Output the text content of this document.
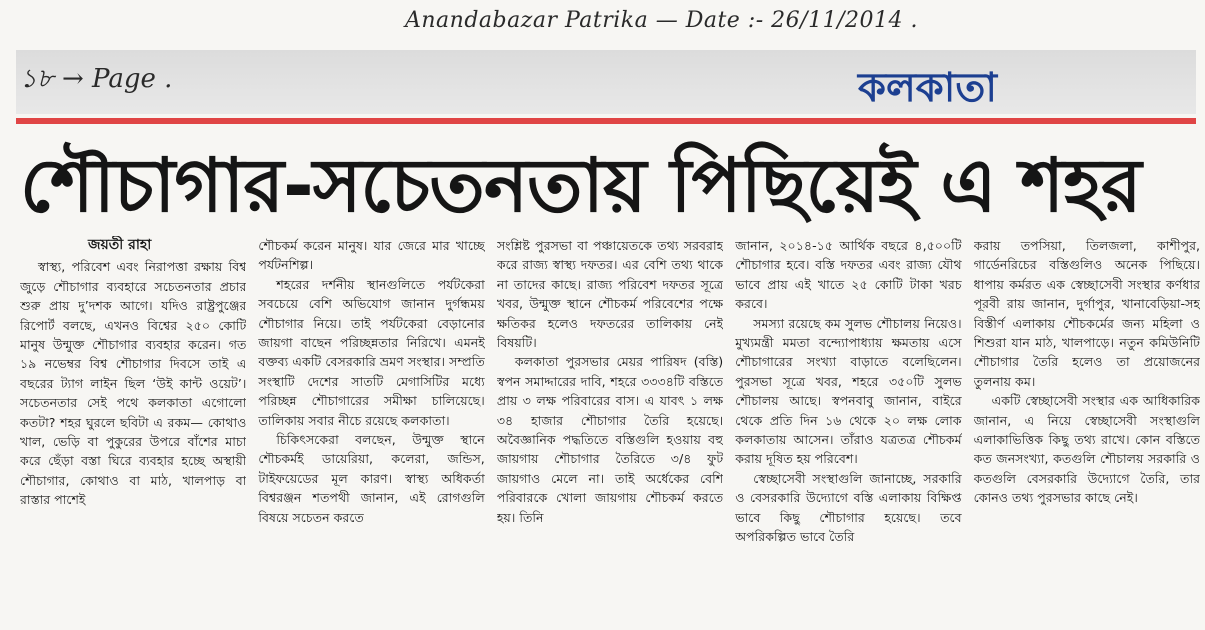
Anandabazar Patrika — Date :- 26/11/2014 .
১৮ → Page .	কলকাতা
শৌচাগার-সচেতনতায় পিছিয়েই এ শহর
জয়তী রাহা

স্বাস্থ্য, পরিবেশ এবং নিরাপত্তা রক্ষায় বিশ্ব জুড়ে শৌচাগার ব্যবহারে সচেতনতার প্রচার শুরু প্রায় দু’দশক আগে। যদিও রাষ্ট্রপুঞ্জের রিপোর্ট বলছে, এখনও বিশ্বের ২৫০ কোটি মানুষ উন্মুক্ত শৌচাগার ব্যবহার করেন। গত ১৯ নভেম্বর বিশ্ব শৌচাগার দিবসে তাই এ বছরের ট্যাগ লাইন ছিল ‘উই কান্ট ওয়েট’। সচেতনতার সেই পথে কলকাতা এগোলো কতটা? শহর ঘুরলে ছবিটা এ রকম— কোথাও খাল, ভেড়ি বা পুকুরের উপরে বাঁশের মাচা করে ছেঁড়া বস্তা ঘিরে ব্যবহার হচ্ছে অস্থায়ী শৌচাগার, কোথাও বা মাঠ, খালপাড় বা রাস্তার পাশেই

শৌচকর্ম করেন মানুষ। যার জেরে মার খাচ্ছে পর্যটনশিল্প।

শহরের দর্শনীয় স্থানগুলিতে পর্যটকেরা সবচেয়ে বেশি অভিযোগ জানান দুর্গন্ধময় শৌচাগার নিয়ে। তাই পর্যটকেরা বেড়ানোর জায়গা বাছেন পরিচ্ছন্নতার নিরিখে। এমনই বক্তব্য একটি বেসরকারি ভ্রমণ সংস্থার। সম্প্রতি সংস্থাটি দেশের সাতটি মেগাসিটির মধ্যে পরিচ্ছন্ন শৌচাগারের সমীক্ষা চালিয়েছে। তালিকায় সবার নীচে রয়েছে কলকাতা।

চিকিৎসকেরা বলছেন, উন্মুক্ত স্থানে শৌচকর্মই ডায়েরিয়া, কলেরা, জন্ডিস, টাইফয়েডের মূল কারণ। স্বাস্থ্য অধিকর্তা বিশ্বরঞ্জন শতপথী জানান, এই রোগগুলি বিষয়ে সচেতন করতে

সংশ্লিষ্ট পুরসভা বা পঞ্চায়েতকে তথ্য সরবরাহ করে রাজ্য স্বাস্থ্য দফতর। এর বেশি তথ্য থাকে না তাদের কাছে। রাজ্য পরিবেশ দফতর সূত্রে খবর, উন্মুক্ত স্থানে শৌচকর্ম পরিবেশের পক্ষে ক্ষতিকর হলেও দফতরের তালিকায় নেই বিষয়টি।

কলকাতা পুরসভার মেয়র পারিষদ (বস্তি) স্বপন সমাদ্দারের দাবি, শহরে ৩৩৩৪টি বস্তিতে প্রায় ৩ লক্ষ পরিবারের বাস। এ যাবৎ ১ লক্ষ ৩৪ হাজার শৌচাগার তৈরি হয়েছে। অবৈজ্ঞানিক পদ্ধতিতে বস্তিগুলি হওয়ায় বহু জায়গায় শৌচাগার তৈরিতে ৩/৪ ফুট জায়গাও মেলে না। তাই অর্ধেকের বেশি পরিবারকে খোলা জায়গায় শৌচকর্ম করতে হয়। তিনি

জানান, ২০১৪-১৫ আর্থিক বছরে ৪,৫০০টি শৌচাগার হবে। বস্তি দফতর এবং রাজ্য যৌথ ভাবে প্রায় এই খাতে ২৫ কোটি টাকা খরচ করবে।

সমস্যা রয়েছে কম সুলভ শৌচালয় নিয়েও। মুখ্যমন্ত্রী মমতা বন্দ্যোপাধ্যায় ক্ষমতায় এসে শৌচাগারের সংখ্যা বাড়াতে বলেছিলেন। পুরসভা সূত্রে খবর, শহরে ৩৫০টি সুলভ শৌচালয় আছে। স্বপনবাবু জানান, বাইরে থেকে প্রতি দিন ১৬ থেকে ২০ লক্ষ লোক কলকাতায় আসেন। তাঁরাও যত্রতত্র শৌচকর্ম করায় দূষিত হয় পরিবেশ।

স্বেচ্ছাসেবী সংস্থাগুলি জানাচ্ছে, সরকারি ও বেসরকারি উদ্যোগে বস্তি এলাকায় বিক্ষিপ্ত ভাবে কিছু শৌচাগার হয়েছে। তবে অপরিকল্পিত ভাবে তৈরি

করায় তপসিয়া, তিলজলা, কাশীপুর, গার্ডেনরিচের বস্তিগুলিও অনেক পিছিয়ে। ধাপায় কর্মরত এক স্বেচ্ছাসেবী সংস্থার কর্ণধার পূরবী রায় জানান, দুর্গাপুর, খানাবেড়িয়া-সহ বিস্তীর্ণ এলাকায় শৌচকর্মের জন্য মহিলা ও শিশুরা যান মাঠ, খালপাড়ে। নতুন কমিউনিটি শৌচাগার তৈরি হলেও তা প্রয়োজনের তুলনায় কম।

একটি স্বেচ্ছাসেবী সংস্থার এক আধিকারিক জানান, এ নিয়ে স্বেচ্ছাসেবী সংস্থাগুলি এলাকাভিত্তিক কিছু তথ্য রাখে। কোন বস্তিতে কত জনসংখ্যা, কতগুলি শৌচালয় সরকারি ও কতগুলি বেসরকারি উদ্যোগে তৈরি, তার কোনও তথ্য পুরসভার কাছে নেই।
